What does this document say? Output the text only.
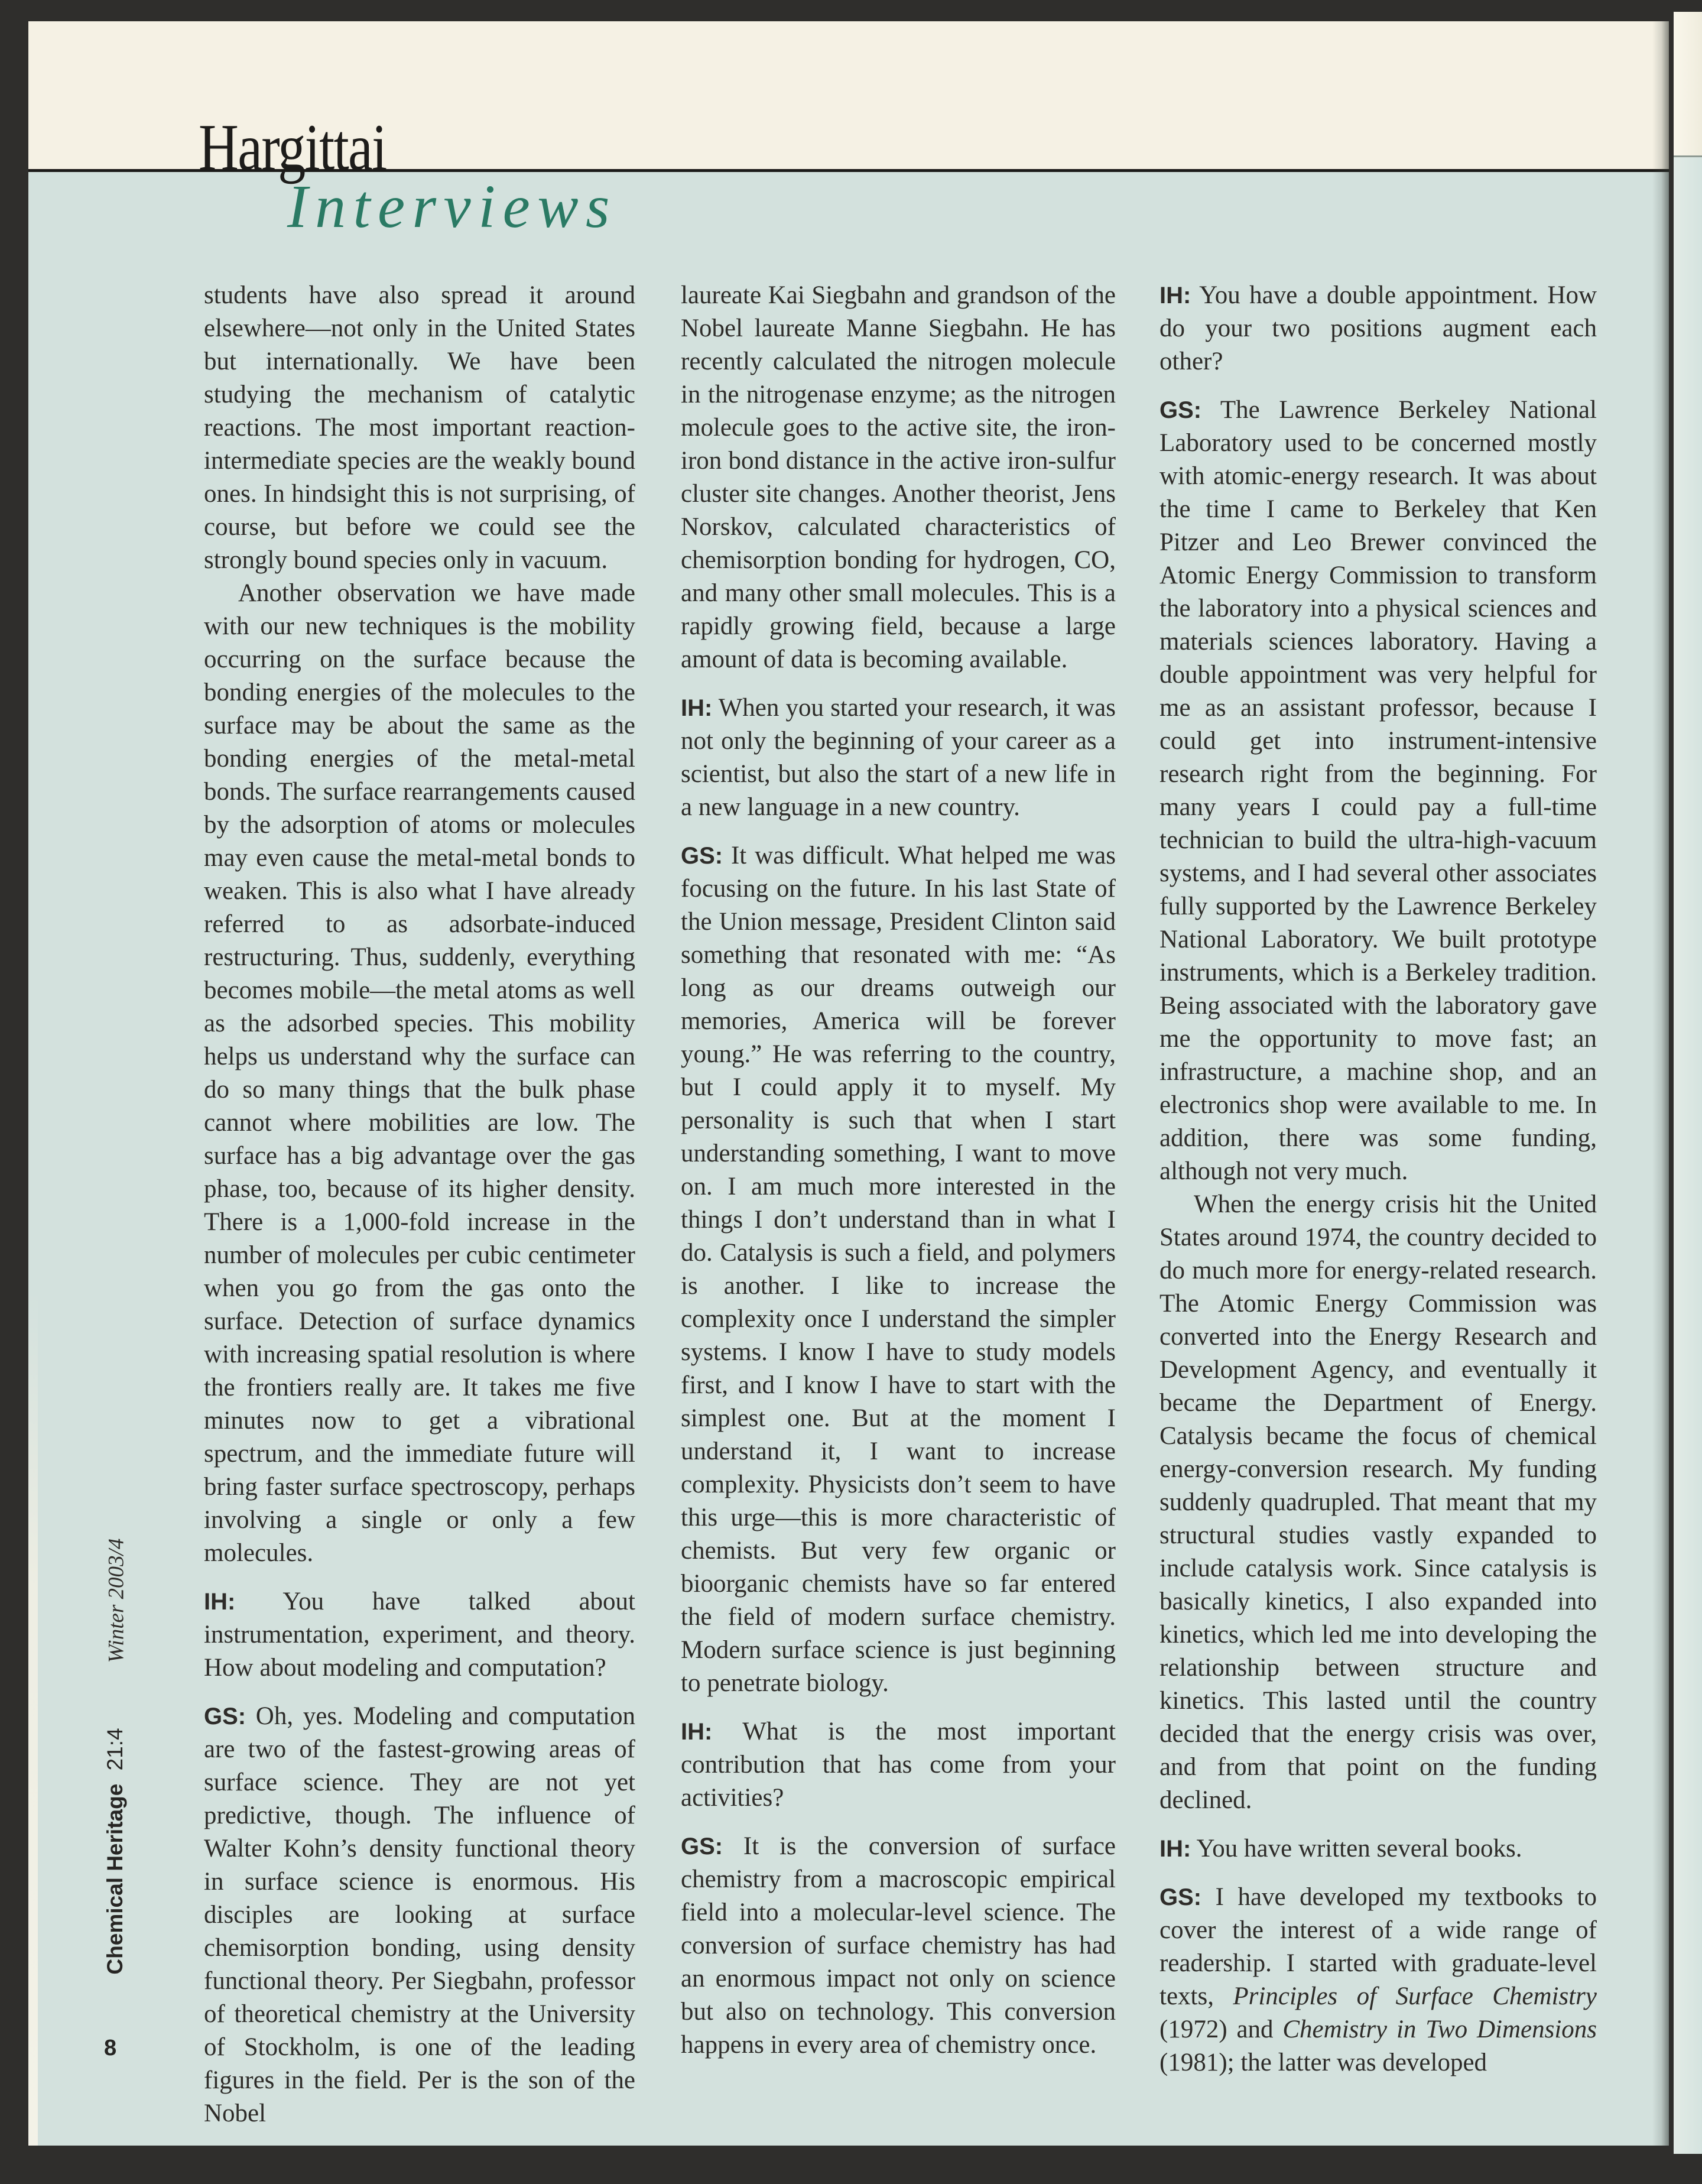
Hargittai
Interviews

students have also spread it around elsewhere—not only in the United States but internationally. We have been studying the mechanism of catalytic reactions. The most important reaction-intermediate species are the weakly bound ones. In hindsight this is not surprising, of course, but before we could see the strongly bound species only in vacuum.

Another observation we have made with our new techniques is the mobility occurring on the surface because the bonding energies of the molecules to the surface may be about the same as the bonding energies of the metal-metal bonds. The surface rearrangements caused by the adsorption of atoms or molecules may even cause the metal-metal bonds to weaken. This is also what I have already referred to as adsorbate-induced restructuring. Thus, suddenly, everything becomes mobile—the metal atoms as well as the adsorbed species. This mobility helps us understand why the surface can do so many things that the bulk phase cannot where mobilities are low. The surface has a big advantage over the gas phase, too, because of its higher density. There is a 1,000-fold increase in the number of molecules per cubic centimeter when you go from the gas onto the surface. Detection of surface dynamics with increasing spatial resolution is where the frontiers really are. It takes me five minutes now to get a vibrational spectrum, and the immediate future will bring faster surface spectroscopy, perhaps involving a single or only a few molecules.

IH: You have talked about instrumentation, experiment, and theory. How about modeling and computation?

GS: Oh, yes. Modeling and computation are two of the fastest-growing areas of surface science. They are not yet predictive, though. The influence of Walter Kohn’s density functional theory in surface science is enormous. His disciples are looking at surface chemisorption bonding, using density functional theory. Per Siegbahn, professor of theoretical chemistry at the University of Stockholm, is one of the leading figures in the field. Per is the son of the Nobel

laureate Kai Siegbahn and grandson of the Nobel laureate Manne Siegbahn. He has recently calculated the nitrogen molecule in the nitrogenase enzyme; as the nitrogen molecule goes to the active site, the iron-iron bond distance in the active iron-sulfur cluster site changes. Another theorist, Jens Norskov, calculated characteristics of chemisorption bonding for hydrogen, CO, and many other small molecules. This is a rapidly growing field, because a large amount of data is becoming available.

IH: When you started your research, it was not only the beginning of your career as a scientist, but also the start of a new life in a new language in a new country.

GS: It was difficult. What helped me was focusing on the future. In his last State of the Union message, President Clinton said something that resonated with me: “As long as our dreams outweigh our memories, America will be forever young.” He was referring to the country, but I could apply it to myself. My personality is such that when I start understanding something, I want to move on. I am much more interested in the things I don’t understand than in what I do. Catalysis is such a field, and polymers is another. I like to increase the complexity once I understand the simpler systems. I know I have to study models first, and I know I have to start with the simplest one. But at the moment I understand it, I want to increase complexity. Physicists don’t seem to have this urge—this is more characteristic of chemists. But very few organic or bioorganic chemists have so far entered the field of modern surface chemistry. Modern surface science is just beginning to penetrate biology.

IH: What is the most important contribution that has come from your activities?

GS: It is the conversion of surface chemistry from a macroscopic empirical field into a molecular-level science. The conversion of surface chemistry has had an enormous impact not only on science but also on technology. This conversion happens in every area of chemistry once.

IH: You have a double appointment. How do your two positions augment each other?

GS: The Lawrence Berkeley National Laboratory used to be concerned mostly with atomic-energy research. It was about the time I came to Berkeley that Ken Pitzer and Leo Brewer convinced the Atomic Energy Commission to transform the laboratory into a physical sciences and materials sciences laboratory. Having a double appointment was very helpful for me as an assistant professor, because I could get into instrument-intensive research right from the beginning. For many years I could pay a full-time technician to build the ultra-high-vacuum systems, and I had several other associates fully supported by the Lawrence Berkeley National Laboratory. We built prototype instruments, which is a Berkeley tradition. Being associated with the laboratory gave me the opportunity to move fast; an infrastructure, a machine shop, and an electronics shop were available to me. In addition, there was some funding, although not very much.

When the energy crisis hit the United States around 1974, the country decided to do much more for energy-related research. The Atomic Energy Commission was converted into the Energy Research and Development Agency, and eventually it became the Department of Energy. Catalysis became the focus of chemical energy-conversion research. My funding suddenly quadrupled. That meant that my structural studies vastly expanded to include catalysis work. Since catalysis is basically kinetics, I also expanded into kinetics, which led me into developing the relationship between structure and kinetics. This lasted until the country decided that the energy crisis was over, and from that point on the funding declined.

IH: You have written several books.

GS: I have developed my textbooks to cover the interest of a wide range of readership. I started with graduate-level texts, Principles of Surface Chemistry (1972) and Chemistry in Two Dimensions (1981); the latter was developed

Winter 2003/4
Chemical Heritage 21:4
8
